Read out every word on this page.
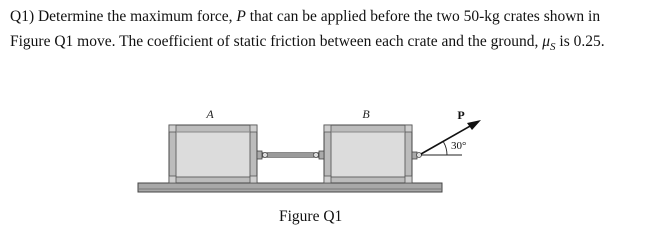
Q1) Determine the maximum force, P that can be applied before the two 50-kg crates shown in Figure Q1 move. The coefficient of static friction between each crate and the ground, $\mu_S$ is 0.25.

A	B	P
30°
Figure Q1
